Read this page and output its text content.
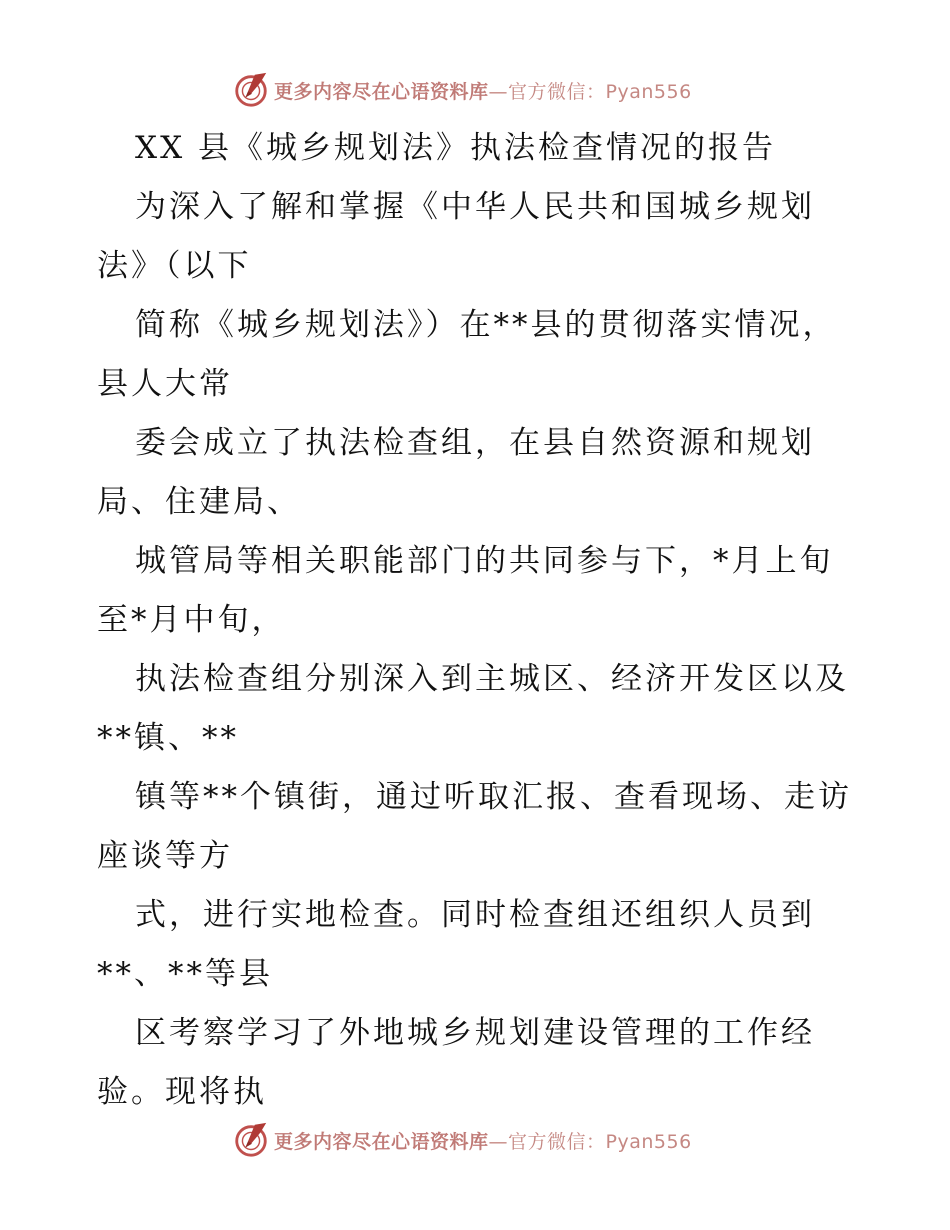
更多内容尽在心语资料库—官方微信：Pyan556
XX 县《城乡规划法》执法检查情况的报告
为深入了解和掌握《中华人民共和国城乡规划
法》（以下
简称《城乡规划法》）在**县的贯彻落实情况，
县人大常
委会成立了执法检查组，在县自然资源和规划
局、住建局、
城管局等相关职能部门的共同参与下，*月上旬
至*月中旬，
执法检查组分别深入到主城区、经济开发区以及
**镇、**
镇等**个镇街，通过听取汇报、查看现场、走访
座谈等方
式，进行实地检查。同时检查组还组织人员到
**、**等县
区考察学习了外地城乡规划建设管理的工作经
验。现将执
更多内容尽在心语资料库—官方微信：Pyan556
